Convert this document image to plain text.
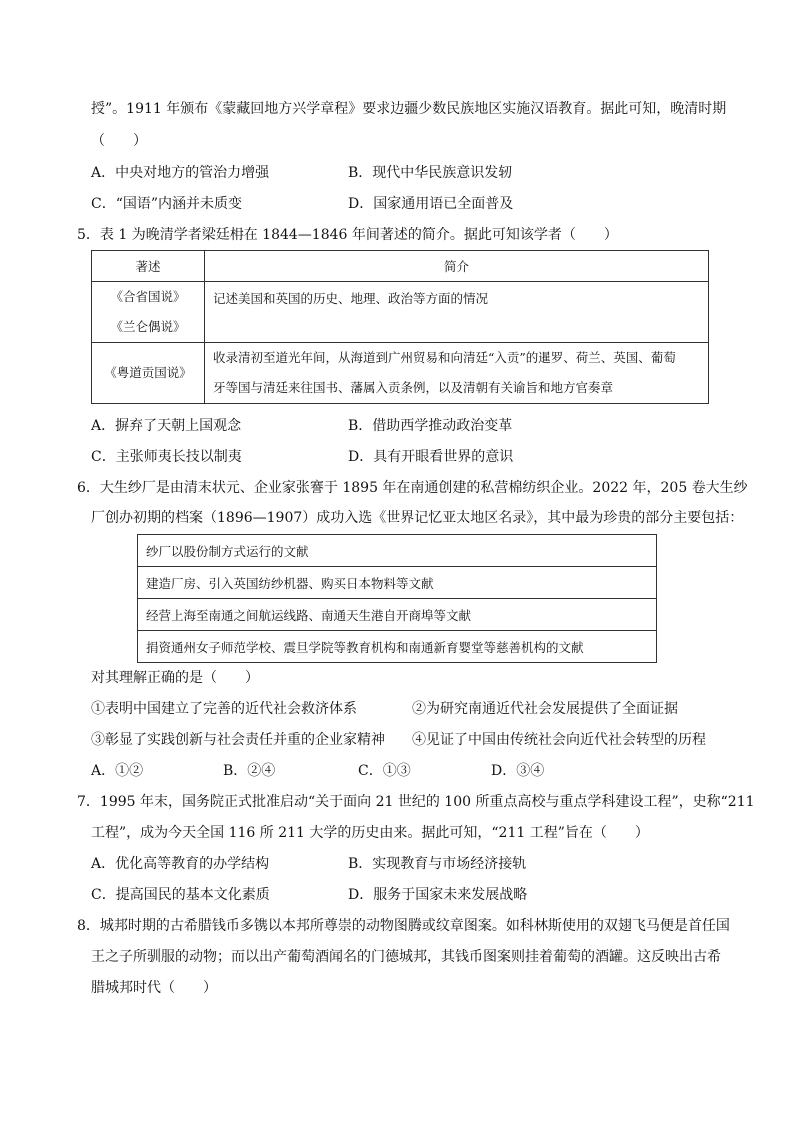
授”。1911 年颁布《蒙藏回地方兴学章程》要求边疆少数民族地区实施汉语教育。据此可知，晚清时期
（　　）
A．中央对地方的管治力增强	B．现代中华民族意识发轫
C．“国语”内涵并未质变	D．国家通用语已全面普及
5．表 1 为晚清学者梁廷枏在 1844—1846 年间著述的简介。据此可知该学者（　　）
著述	简介

《合省国说》
《兰仑偶说》	记述美国和英国的历史、地理、政治等方面的情况

《粤道贡国说》	收录清初至道光年间，从海道到广州贸易和向清廷“入贡”的暹罗、荷兰、英国、葡萄
牙等国与清廷来往国书、藩属入贡条例，以及清朝有关谕旨和地方官奏章
A．摒弃了天朝上国观念	B．借助西学推动政治变革
C．主张师夷长技以制夷	D．具有开眼看世界的意识
6．大生纱厂是由清末状元、企业家张謇于 1895 年在南通创建的私营棉纺织企业。2022 年，205 卷大生纱
厂创办初期的档案（1896—1907）成功入选《世界记忆亚太地区名录》，其中最为珍贵的部分主要包括：
纱厂以股份制方式运行的文献
建造厂房、引入英国纺纱机器、购买日本物料等文献
经营上海至南通之间航运线路、南通天生港自开商埠等文献
捐资通州女子师范学校、震旦学院等教育机构和南通新育婴堂等慈善机构的文献
对其理解正确的是（　　）
①表明中国建立了完善的近代社会救济体系	②为研究南通近代社会发展提供了全面证据
③彰显了实践创新与社会责任并重的企业家精神 ④见证了中国由传统社会向近代社会转型的历程
A．①②	B．②④	C．①③	D．③④
7．1995 年末，国务院正式批准启动“关于面向 21 世纪的 100 所重点高校与重点学科建设工程”，史称“211
工程”，成为今天全国 116 所 211 大学的历史由来。据此可知，“211 工程”旨在（　　）
A．优化高等教育的办学结构	B．实现教育与市场经济接轨
C．提高国民的基本文化素质	D．服务于国家未来发展战略
8．城邦时期的古希腊钱币多镌以本邦所尊崇的动物图腾或纹章图案。如科林斯使用的双翅飞马便是首任国
王之子所驯服的动物；而以出产葡萄酒闻名的门德城邦，其钱币图案则挂着葡萄的酒罐。这反映出古希
腊城邦时代（　　）
